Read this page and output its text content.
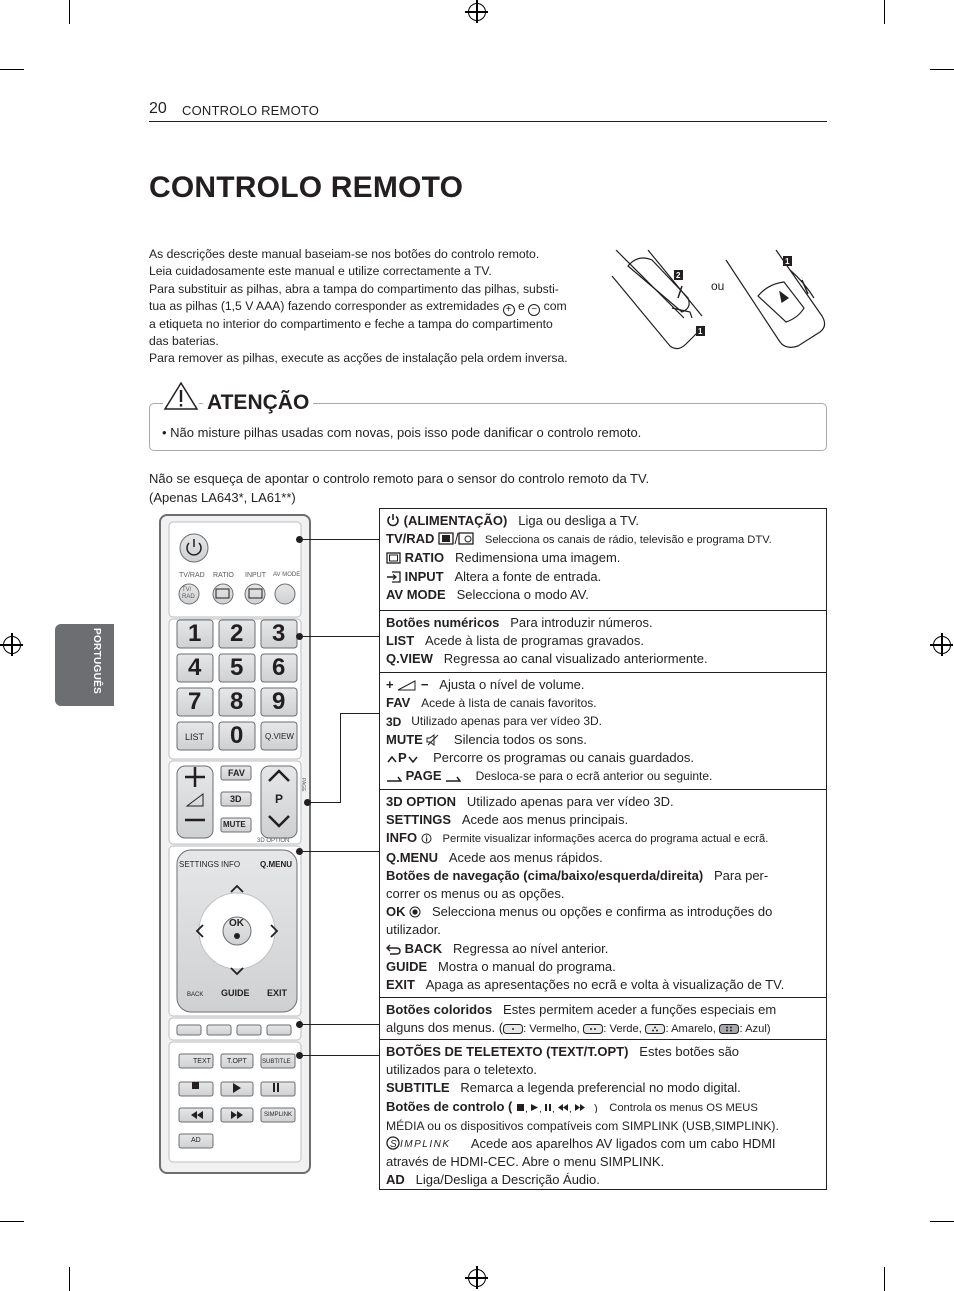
20 CONTROLO REMOTO
PORTUGUÊS
CONTROLO REMOTO
As descrições deste manual baseiam-se nos botões do controlo remoto.
Leia cuidadosamente este manual e utilize correctamente a TV.
Para substituir as pilhas, abra a tampa do compartimento das pilhas, substi-
tua as pilhas (1,5 V AAA) fazendo corresponder as extremidades + e − com
a etiqueta no interior do compartimento e feche a tampa do compartimento
das baterias.
Para remover as pilhas, execute as acções de instalação pela ordem inversa.
2
1
1
ou
ATENÇÃO
• Não misture pilhas usadas com novas, pois isso pode danificar o controlo remoto.
Não se esqueça de apontar o controlo remoto para o sensor do controlo remoto da TV.
(Apenas LA643*, LA61**)
TV/RAD RATIO INPUT AV MODE
TV/ RAD
1 2 3
4 5 6
7 8 9
0
LIST	Q.VIEW
FAV
3D
MUTE
P
PAGE
3D OPTION
SETTINGS INFO Q.MENU
OK
BACK GUIDE EXIT
TEXT T.OPT	SUBTITLE
SIMPLINK
AD
(ALIMENTAÇÃO) Liga ou desliga a TV.
TV/RAD	Selecciona os canais de rádio, televisão e programa DTV.
RATIO Redimensiona uma imagem.
INPUT Altera a fonte de entrada.
AV MODE Selecciona o modo AV.
Botões numéricos Para introduzir números.
LIST Acede à lista de programas gravados.
Q.VIEW Regressa ao canal visualizado anteriormente.
+ − Ajusta o nível de volume.
FAV Acede à lista de canais favoritos.
3D Utilizado apenas para ver vídeo 3D.
MUTE Silencia todos os sons.
P Percorre os programas ou canais guardados.
PAGE	Desloca-se para o ecrã anterior ou seguinte.
3D OPTION Utilizado apenas para ver vídeo 3D.
SETTINGS Acede aos menus principais.
INFO Permite visualizar informações acerca do programa actual e ecrã.
Q.MENU Acede aos menus rápidos.
Botões de navegação (cima/baixo/esquerda/direita) Para per-
correr os menus ou as opções.
OK Selecciona menus ou opções e confirma as introduções do
utilizador.
BACK Regressa ao nível anterior.
GUIDE Mostra o manual do programa.
EXIT Apaga as apresentações no ecrã e volta à visualização de TV.
Botões coloridos Estes permitem aceder a funções especiais em
alguns dos menus. ( : Vermelho, : Verde, : Amarelo, : Azul)
BOTÕES DE TELETEXTO (TEXT/T.OPT) Estes botões são
utilizados para o teletexto.
SUBTITLE Remarca a legenda preferencial no modo digital.
Botões de controlo ( , , , , ) Controla os menus OS MEUS
MÉDIA ou os dispositivos compatíveis com SIMPLINK (USB,SIMPLINK).
S IMPLINK Acede aos aparelhos AV ligados com um cabo HDMI
através de HDMI-CEC. Abre o menu SIMPLINK.
AD Liga/Desliga a Descrição Áudio.
